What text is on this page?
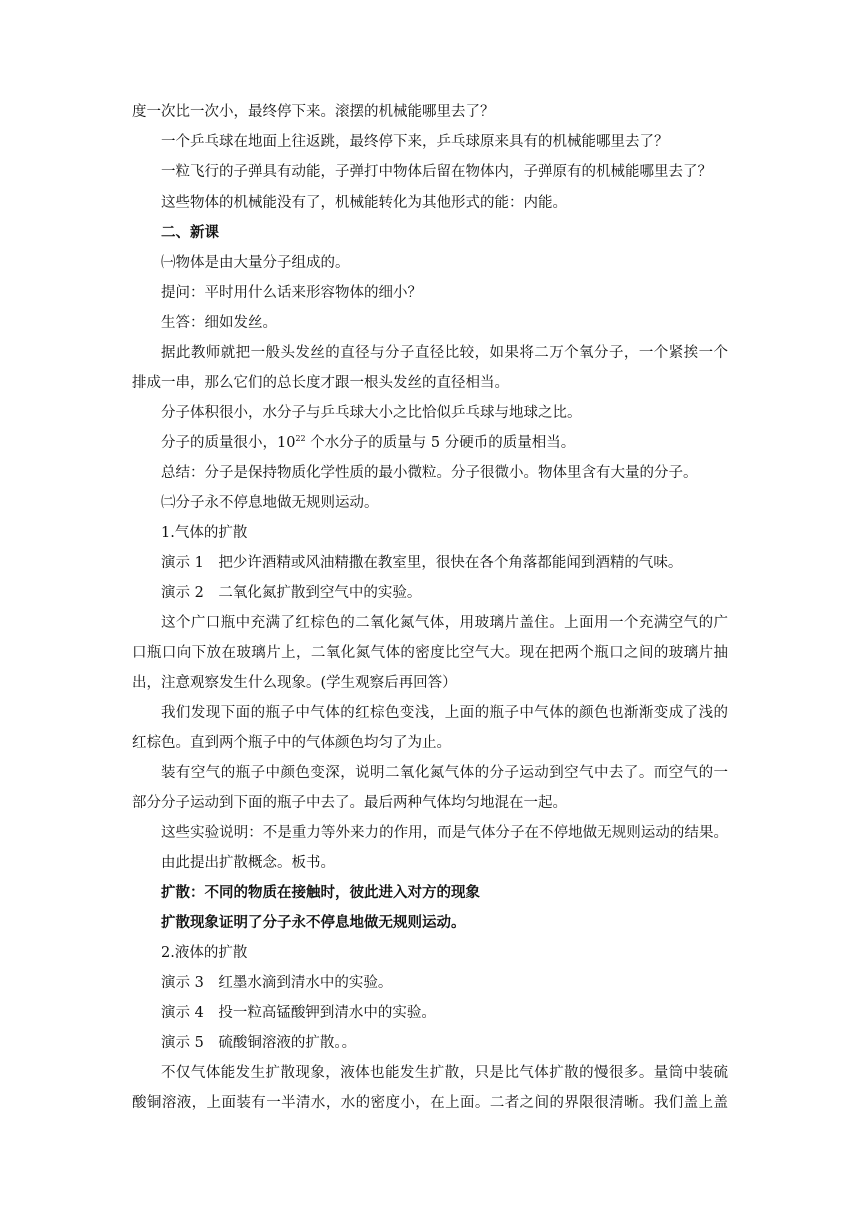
度一次比一次小，最终停下来。滚摆的机械能哪里去了？
一个乒乓球在地面上往返跳，最终停下来，乒乓球原来具有的机械能哪里去了？
一粒飞行的子弹具有动能，子弹打中物体后留在物体内，子弹原有的机械能哪里去了？
这些物体的机械能没有了，机械能转化为其他形式的能：内能。
二、新课
㈠物体是由大量分子组成的。
提问：平时用什么话来形容物体的细小？
生答：细如发丝。
据此教师就把一般头发丝的直径与分子直径比较，如果将二万个氧分子，一个紧挨一个
排成一串，那么它们的总长度才跟一根头发丝的直径相当。
分子体积很小，水分子与乒乓球大小之比恰似乒乓球与地球之比。
分子的质量很小，$10^{22}$ 个水分子的质量与 5 分硬币的质量相当。
总结：分子是保持物质化学性质的最小微粒。分子很微小。物体里含有大量的分子。
㈡分子永不停息地做无规则运动。
1.气体的扩散
演示 1　把少许酒精或风油精撒在教室里，很快在各个角落都能闻到酒精的气味。
演示 2　二氧化氮扩散到空气中的实验。
这个广口瓶中充满了红棕色的二氧化氮气体，用玻璃片盖住。上面用一个充满空气的广
口瓶口向下放在玻璃片上，二氧化氮气体的密度比空气大。现在把两个瓶口之间的玻璃片抽
出，注意观察发生什么现象。(学生观察后再回答）
我们发现下面的瓶子中气体的红棕色变浅，上面的瓶子中气体的颜色也渐渐变成了浅的
红棕色。直到两个瓶子中的气体颜色均匀了为止。
装有空气的瓶子中颜色变深，说明二氧化氮气体的分子运动到空气中去了。而空气的一
部分分子运动到下面的瓶子中去了。最后两种气体均匀地混在一起。
这些实验说明：不是重力等外来力的作用，而是气体分子在不停地做无规则运动的结果。
由此提出扩散概念。板书。
扩散：不同的物质在接触时，彼此进入对方的现象
扩散现象证明了分子永不停息地做无规则运动。
2.液体的扩散
演示 3　红墨水滴到清水中的实验。
演示 4　投一粒高锰酸钾到清水中的实验。
演示 5　硫酸铜溶液的扩散。。
不仅气体能发生扩散现象，液体也能发生扩散，只是比气体扩散的慢很多。量筒中装硫
酸铜溶液，上面装有一半清水，水的密度小，在上面。二者之间的界限很清晰。我们盖上盖
